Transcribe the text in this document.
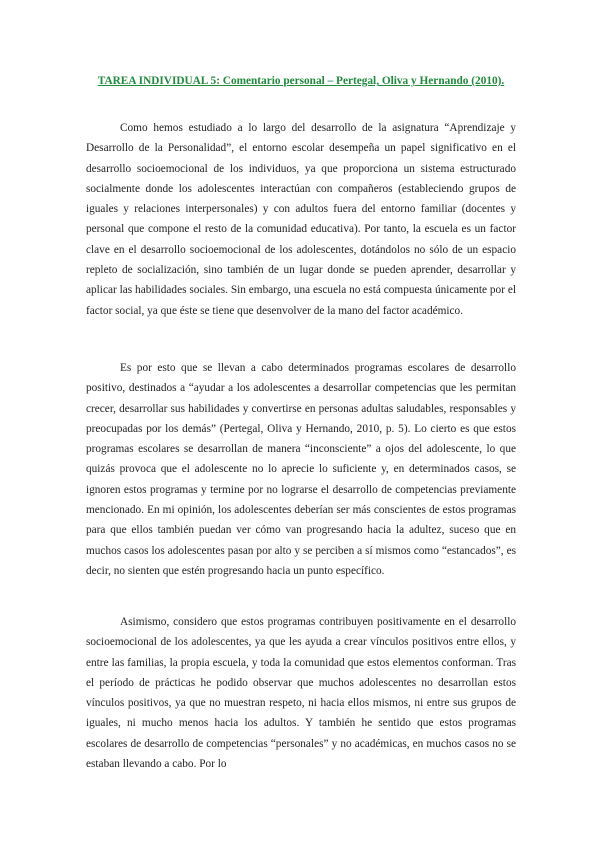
TAREA INDIVIDUAL 5: Comentario personal – Pertegal, Oliva y Hernando (2010).

Como hemos estudiado a lo largo del desarrollo de la asignatura “Aprendizaje y Desarrollo de la Personalidad”, el entorno escolar desempeña un papel significativo en el desarrollo socioemocional de los individuos, ya que proporciona un sistema estructurado socialmente donde los adolescentes interactúan con compañeros (estableciendo grupos de iguales y relaciones interpersonales) y con adultos fuera del entorno familiar (docentes y personal que compone el resto de la comunidad educativa). Por tanto, la escuela es un factor clave en el desarrollo socioemocional de los adolescentes, dotándolos no sólo de un espacio repleto de socialización, sino también de un lugar donde se pueden aprender, desarrollar y aplicar las habilidades sociales. Sin embargo, una escuela no está compuesta únicamente por el factor social, ya que éste se tiene que desenvolver de la mano del factor académico.

Es por esto que se llevan a cabo determinados programas escolares de desarrollo positivo, destinados a “ayudar a los adolescentes a desarrollar competencias que les permitan crecer, desarrollar sus habilidades y convertirse en personas adultas saludables, responsables y preocupadas por los demás” (Pertegal, Oliva y Hernando, 2010, p. 5). Lo cierto es que estos programas escolares se desarrollan de manera “inconsciente” a ojos del adolescente, lo que quizás provoca que el adolescente no lo aprecie lo suficiente y, en determinados casos, se ignoren estos programas y termine por no lograrse el desarrollo de competencias previamente mencionado. En mi opinión, los adolescentes deberían ser más conscientes de estos programas para que ellos también puedan ver cómo van progresando hacia la adultez, suceso que en muchos casos los adolescentes pasan por alto y se perciben a sí mismos como “estancados”, es decir, no sienten que estén progresando hacia un punto específico.

Asimismo, considero que estos programas contribuyen positivamente en el desarrollo socioemocional de los adolescentes, ya que les ayuda a crear vínculos positivos entre ellos, y entre las familias, la propia escuela, y toda la comunidad que estos elementos conforman. Tras el período de prácticas he podido observar que muchos adolescentes no desarrollan estos vínculos positivos, ya que no muestran respeto, ni hacia ellos mismos, ni entre sus grupos de iguales, ni mucho menos hacia los adultos. Y también he sentido que estos programas escolares de desarrollo de competencias “personales” y no académicas, en muchos casos no se estaban llevando a cabo. Por lo
